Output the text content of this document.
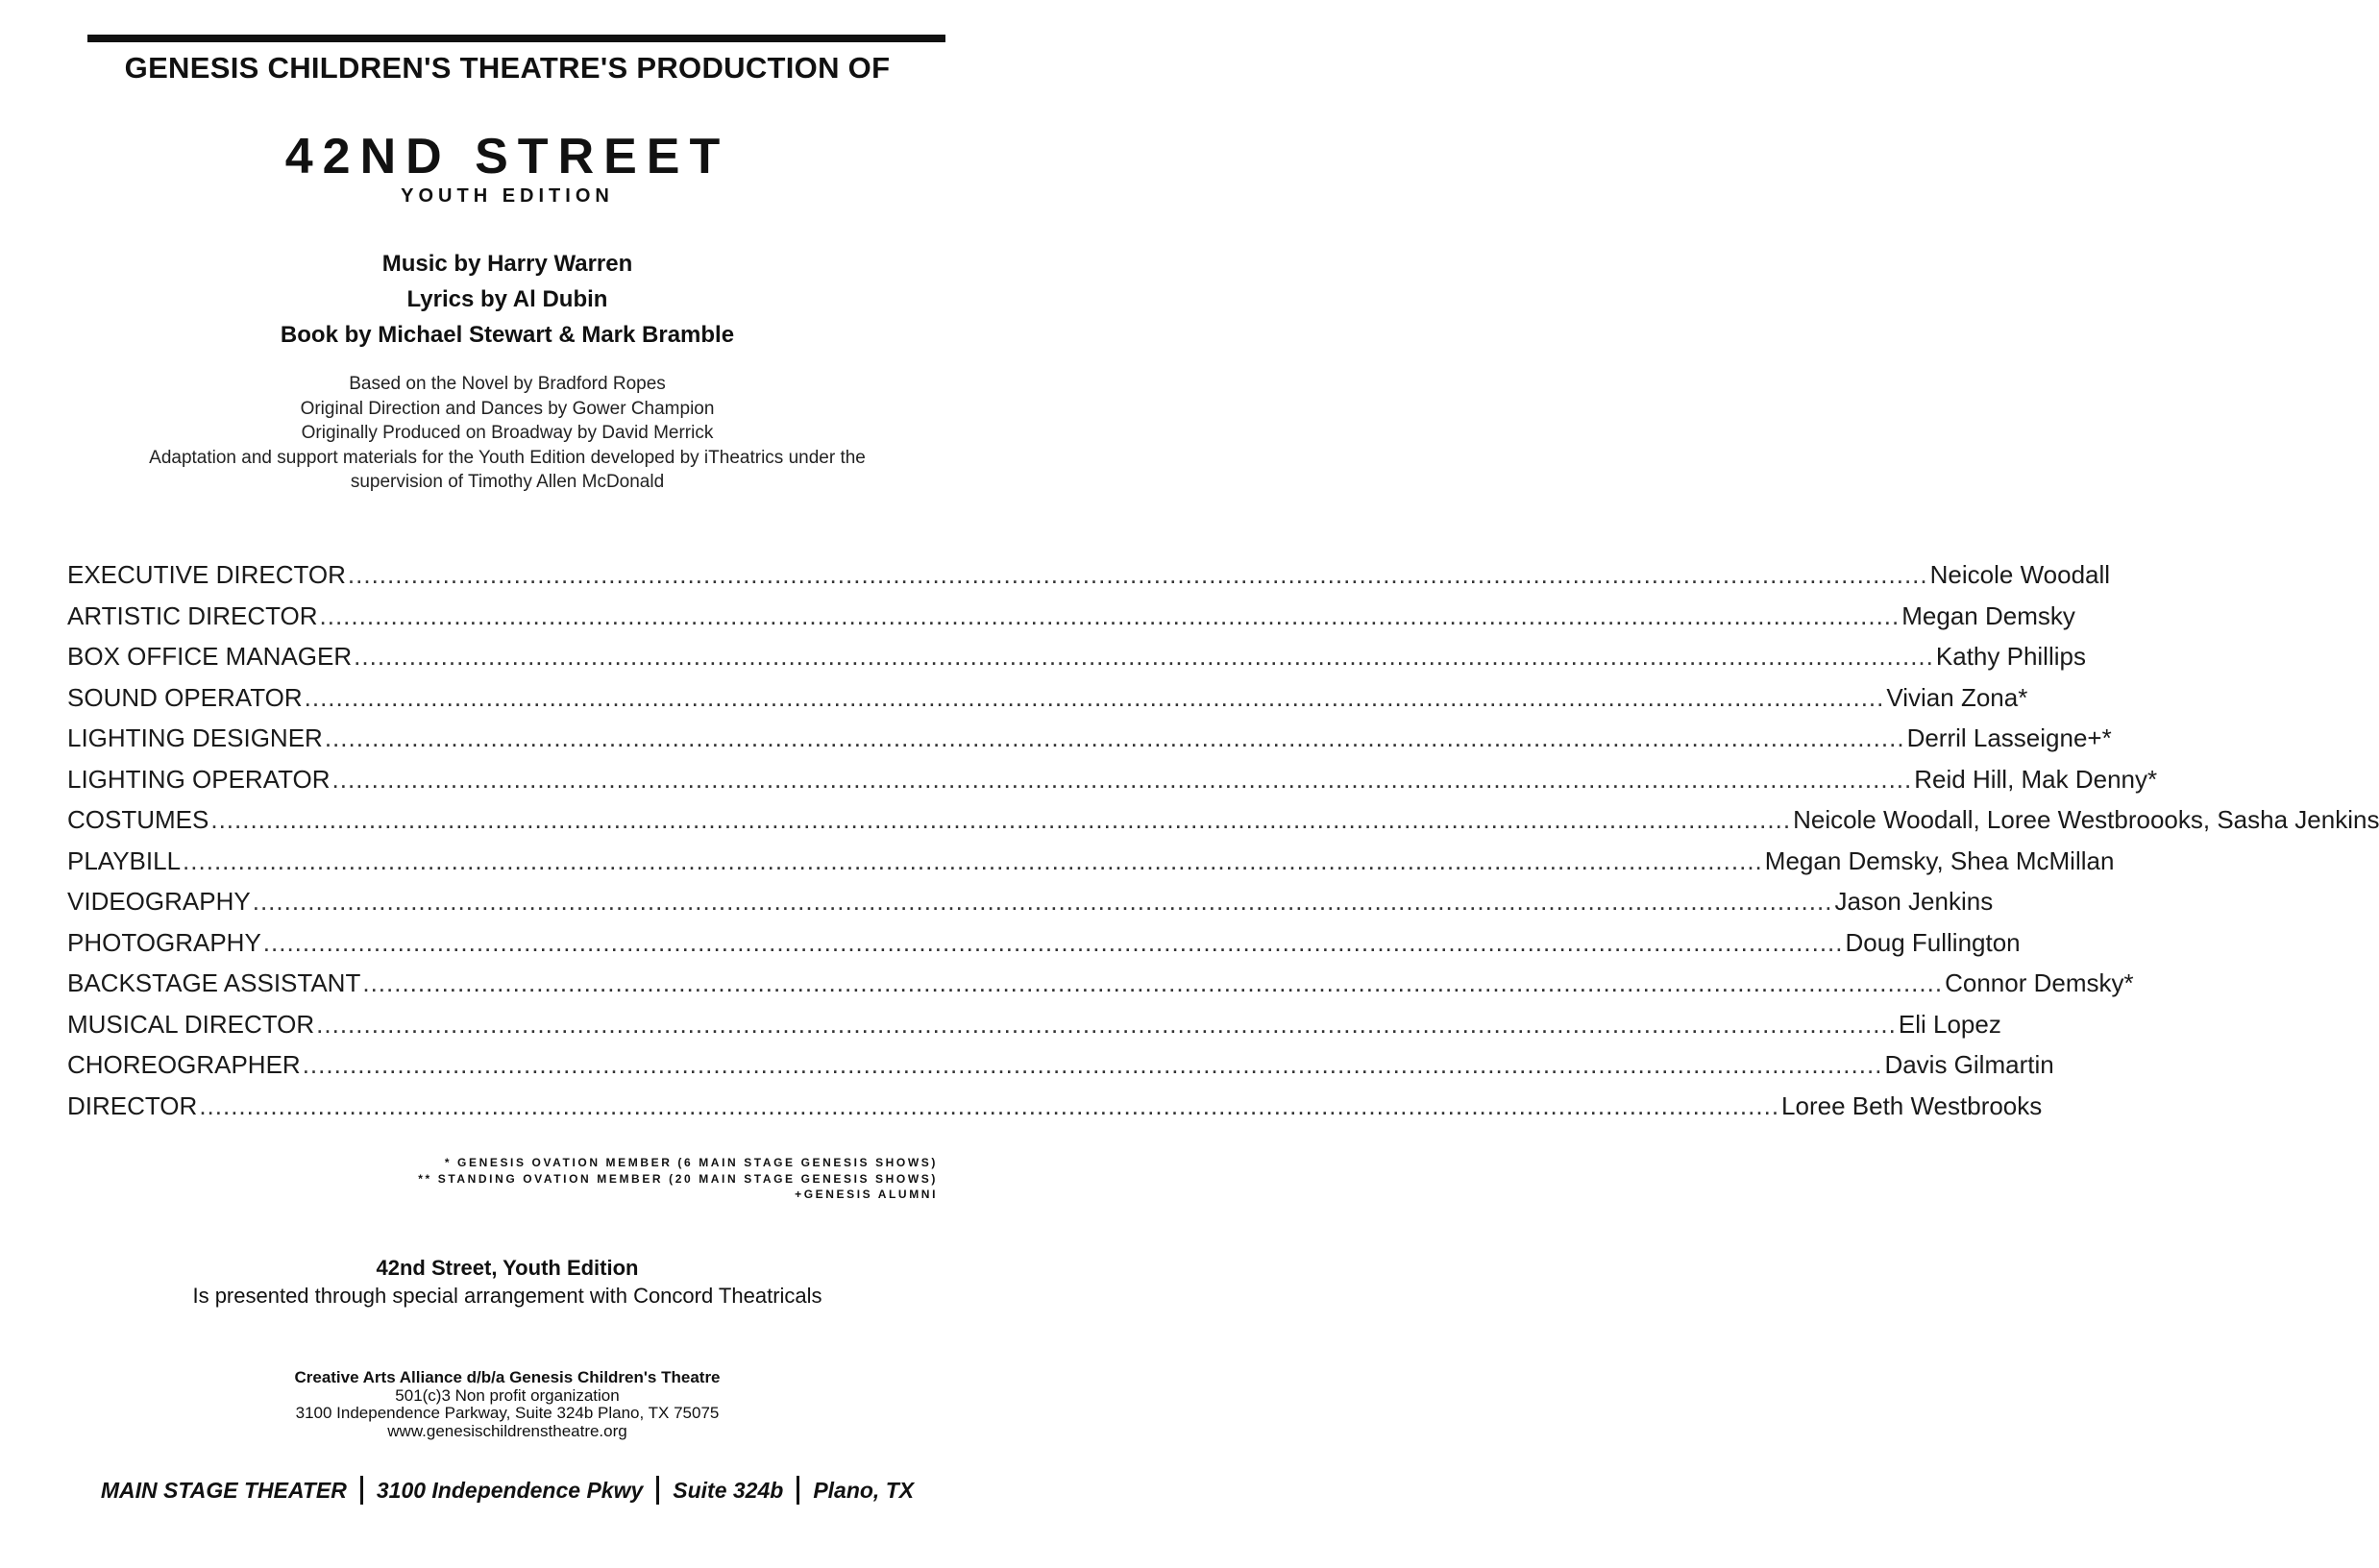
GENESIS CHILDREN'S THEATRE'S PRODUCTION OF
42ND STREET
YOUTH EDITION
Music by Harry Warren
Lyrics by Al Dubin
Book by Michael Stewart & Mark Bramble
Based on the Novel by Bradford Ropes
Original Direction and Dances by Gower Champion
Originally Produced on Broadway by David Merrick
Adaptation and support materials for the Youth Edition developed by iTheatrics under the
supervision of Timothy Allen McDonald
EXECUTIVE DIRECTOR ........................................................................................................................................................................................................ Neicole Woodall
ARTISTIC DIRECTOR ........................................................................................................................................................................................................ Megan Demsky
BOX OFFICE MANAGER ........................................................................................................................................................................................................ Kathy Phillips
SOUND OPERATOR ........................................................................................................................................................................................................ Vivian Zona*
LIGHTING DESIGNER ........................................................................................................................................................................................................ Derril Lasseigne+*
LIGHTING OPERATOR ........................................................................................................................................................................................................ Reid Hill, Mak Denny*
COSTUMES ........................................................................................................................................................................................................ Neicole Woodall, Loree Westbroooks, Sasha Jenkins
PLAYBILL ........................................................................................................................................................................................................ Megan Demsky, Shea McMillan
VIDEOGRAPHY ........................................................................................................................................................................................................ Jason Jenkins
PHOTOGRAPHY ........................................................................................................................................................................................................ Doug Fullington
BACKSTAGE ASSISTANT ........................................................................................................................................................................................................ Connor Demsky*
MUSICAL DIRECTOR ........................................................................................................................................................................................................ Eli Lopez
CHOREOGRAPHER ........................................................................................................................................................................................................ Davis Gilmartin
DIRECTOR ........................................................................................................................................................................................................ Loree Beth Westbrooks
* GENESIS OVATION MEMBER (6 MAIN STAGE GENESIS SHOWS)
** STANDING OVATION MEMBER (20 MAIN STAGE GENESIS SHOWS)
+GENESIS ALUMNI
42nd Street, Youth Edition
Is presented through special arrangement with Concord Theatricals
Creative Arts Alliance d/b/a Genesis Children's Theatre
501(c)3 Non profit organization
3100 Independence Parkway, Suite 324b Plano, TX 75075
www.genesischildrenstheatre.org
MAIN STAGE THEATER 3100 Independence Pkwy Suite 324b Plano, TX
